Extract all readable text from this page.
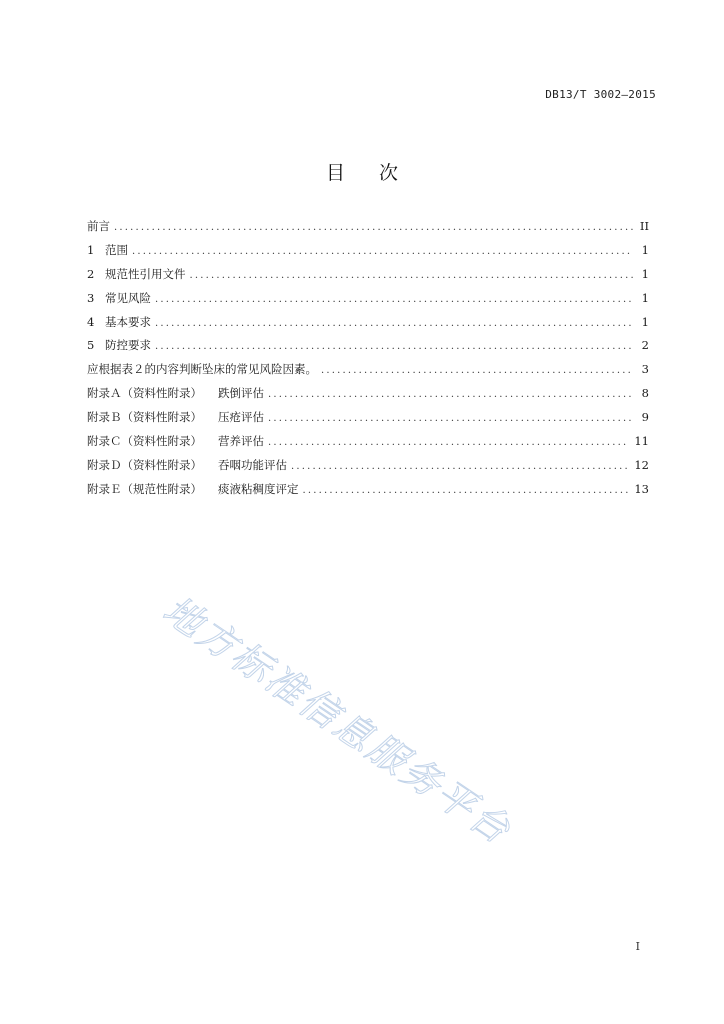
DB13/T 3002—2015
目 次
前言 .....	II
1 范围 .....	1
2 规范性引用文件 .....	1
3 常见风险 .....	1
4 基本要求 .....	1
5 防控要求 .....	2
应根据表２的内容判断坠床的常见风险因素。 .....	3
附录Ａ（资料性附录） 跌倒评估 .....	8
附录Ｂ（资料性附录） 压疮评估 .....	9
附录Ｃ（资料性附录） 营养评估 .....	11
附录Ｄ（资料性附录） 吞咽功能评估 .....	12
附录Ｅ（规范性附录） 痰液粘稠度评定 .....	13
地方标准信息服务平台
I
